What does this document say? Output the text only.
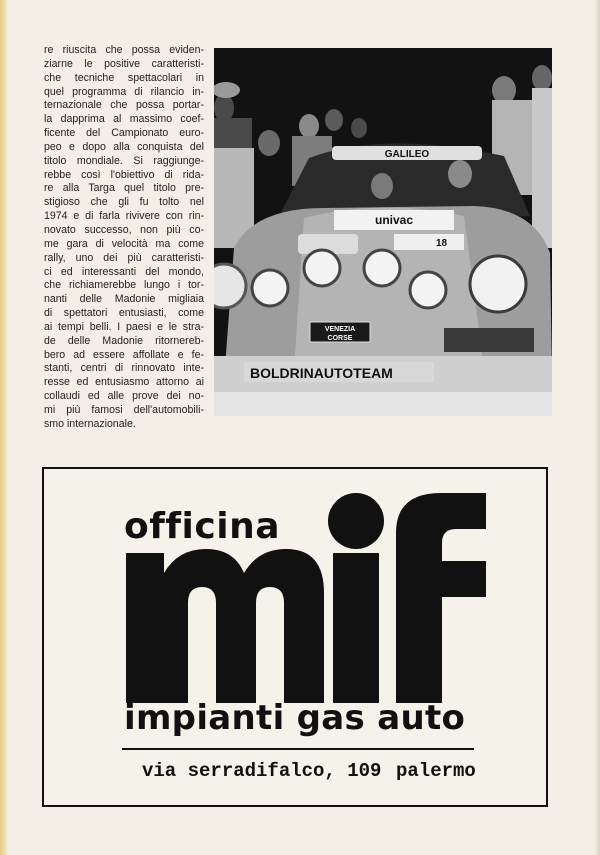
re riuscita che possa eviden-
ziarne le positive caratteristi-
che tecniche spettacolari in
quel programma di rilancio in-
ternazionale che possa portar-
la dapprima al massimo coef-
ficente del Campionato euro-
peo e dopo alla conquista del
titolo mondiale. Si raggiunge-
rebbe così l'obiettivo di rida-
re alla Targa quel titolo pre-
stigioso che gli fu tolto nel
1974 e di farla rivivere con rin-
novato successo, non più co-
me gara di velocità ma come
rally, uno dei più caratteristi-
ci ed interessanti del mondo,
che richiamerebbe lungo i tor-
nanti delle Madonie migliaia
di spettatori entusiasti, come
ai tempi belli. I paesi e le stra-
de delle Madonie ritornereb-
bero ad essere affollate e fe-
stanti, centri di rinnovato inte-
resse ed entusiasmo attorno ai
collaudi ed alle prove dei no-
mi più famosi dell'automobili-
smo internazionale.
GALILEO
univac
18
VENEZIA
CORSE
BOLDRINAUTOTEAM
officina
impianti gas auto
via serradifalco, 109 palermo
